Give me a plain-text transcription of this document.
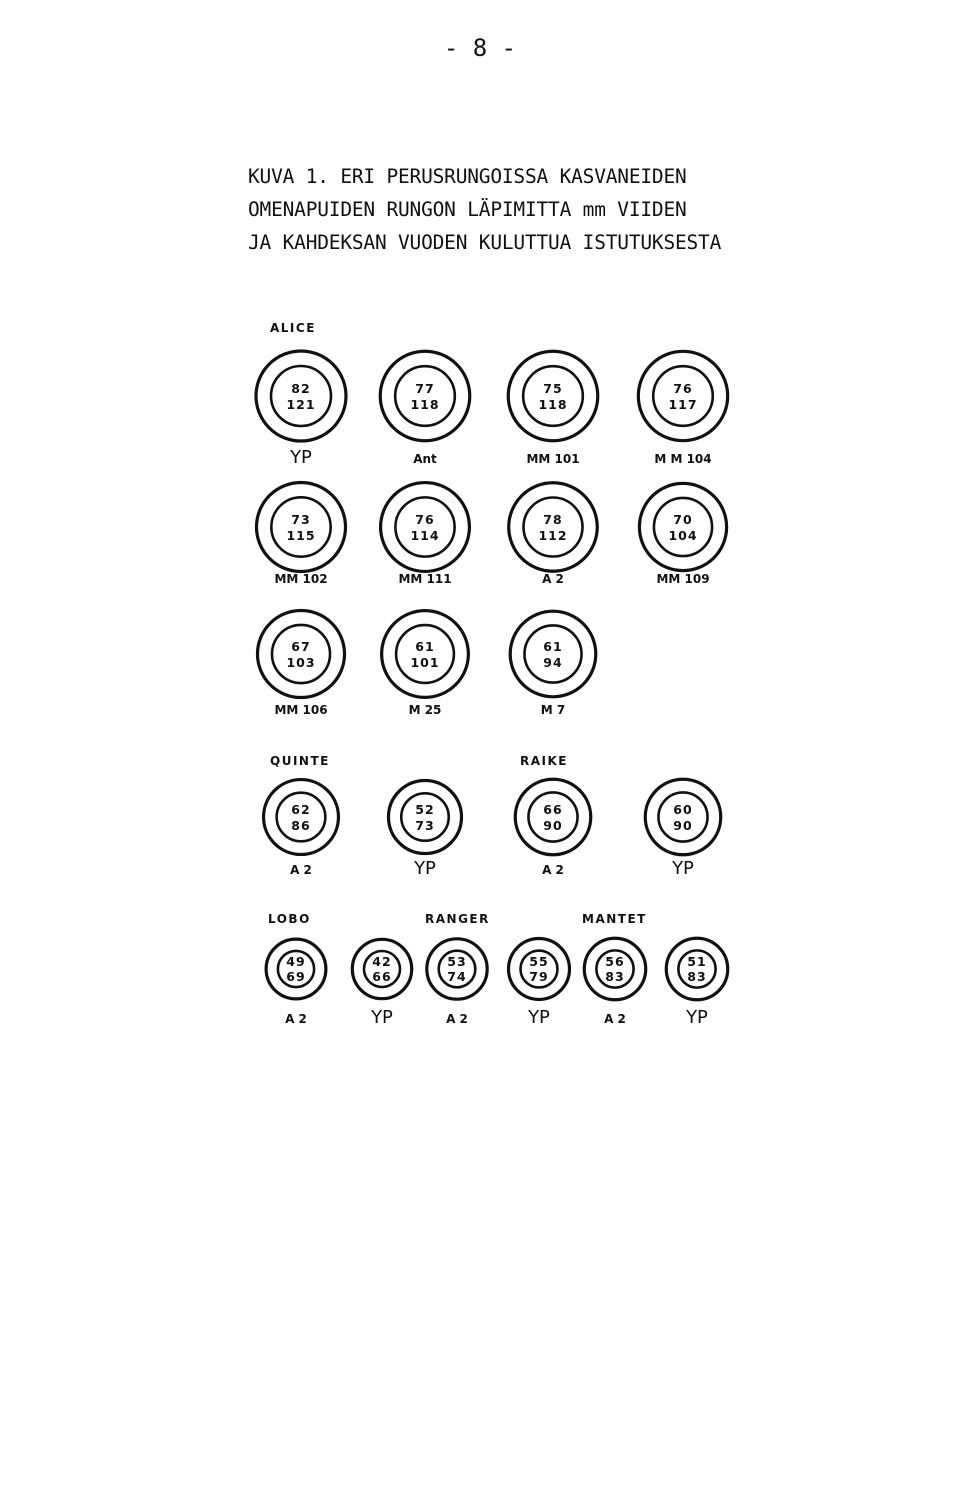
- 8 -
KUVA 1. ERI PERUSRUNGOISSA KASVANEIDEN
OMENAPUIDEN RUNGON LÄPIMITTA mm VIIDEN
JA KAHDEKSAN VUODEN KULUTTUA ISTUTUKSESTA
ALICE
QUINTE	RAIKE
LOBO	RANGER	MANTET
82
121
YP
77
118
Ant
75
118
MM 101
76
117
M M 104
73
115
MM 102
76
114
MM 111
78
112
A 2
70
104
MM 109
67
103
MM 106
61
101
M 25
61
94
M 7
62
86
A 2
52
73
YP
66
90
A 2
60
90
YP
49
69
A 2
42
66
YP
53
74
A 2
55
79
YP
56
83
A 2
51
83
YP
